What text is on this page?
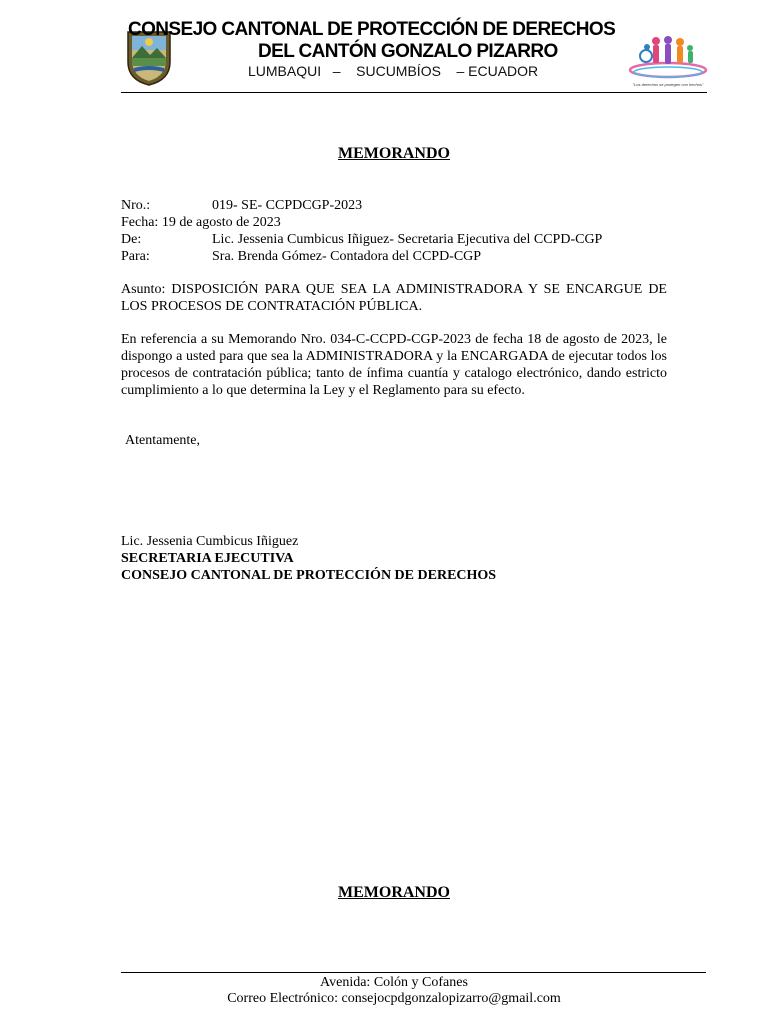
CONSEJO CANTONAL DE PROTECCIÓN DE DERECHOS
DEL CANTÓN GONZALO PIZARRO
LUMBAQUI   –    SUCUMBÍOS    – ECUADOR
"Los derechos se protegen con hechos"
MEMORANDO
Nro.:	019- SE- CCPDCGP-2023
Fecha: 19 de agosto de 2023
De:	Lic. Jessenia Cumbicus Iñiguez- Secretaria Ejecutiva del CCPD-CGP
Para:	Sra. Brenda Gómez- Contadora del CCPD-CGP
Asunto: DISPOSICIÓN PARA QUE SEA LA ADMINISTRADORA Y SE ENCARGUE DE LOS PROCESOS DE CONTRATACIÓN PÚBLICA.
En referencia a su Memorando Nro. 034-C-CCPD-CGP-2023 de fecha 18 de agosto de 2023, le dispongo a usted para que sea la ADMINISTRADORA y la ENCARGADA de ejecutar todos los procesos de contratación pública; tanto de ínfima cuantía y catalogo electrónico, dando estricto cumplimiento a lo que determina la Ley y el Reglamento para su efecto.
Atentamente,
Lic. Jessenia Cumbicus Iñiguez
SECRETARIA EJECUTIVA
CONSEJO CANTONAL DE PROTECCIÓN DE DERECHOS
MEMORANDO
Avenida: Colón y Cofanes
Correo Electrónico: consejocpdgonzalopizarro@gmail.com
